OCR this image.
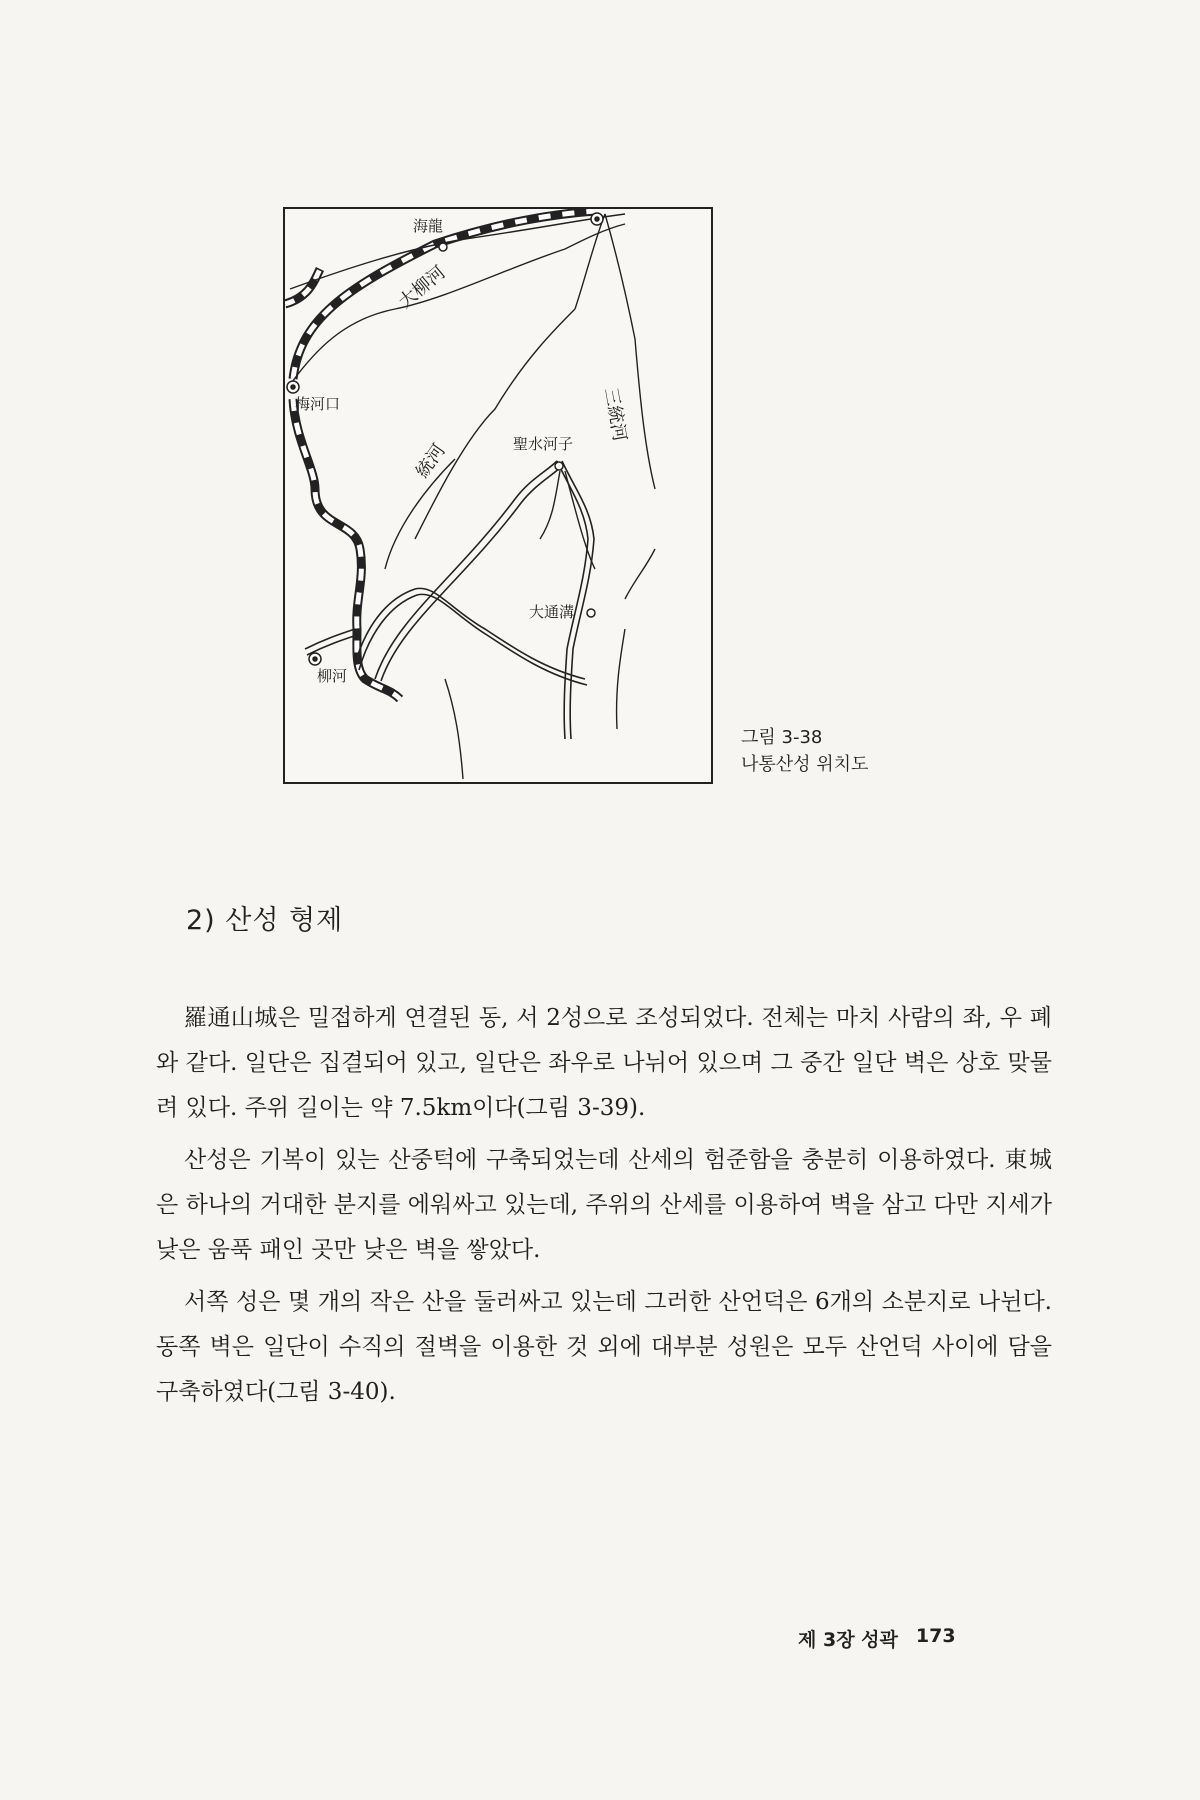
海龍
大柳河
梅河口
統河	聖水河子
三統河
大通溝
柳河
그림 3-38
나통산성 위치도
2) 산성 형제

羅通山城은 밀접하게 연결된 동, 서 2성으로 조성되었다. 전체는 마치 사람의 좌, 우 폐와 같다. 일단은 집결되어 있고, 일단은 좌우로 나뉘어 있으며 그 중간 일단 벽은 상호 맞물려 있다. 주위 길이는 약 7.5km이다(그림 3-39).

산성은 기복이 있는 산중턱에 구축되었는데 산세의 험준함을 충분히 이용하였다. 東城은 하나의 거대한 분지를 에워싸고 있는데, 주위의 산세를 이용하여 벽을 삼고 다만 지세가 낮은 움푹 패인 곳만 낮은 벽을 쌓았다.

서쪽 성은 몇 개의 작은 산을 둘러싸고 있는데 그러한 산언덕은 6개의 소분지로 나뉜다. 동쪽 벽은 일단이 수직의 절벽을 이용한 것 외에 대부분 성원은 모두 산언덕 사이에 담을 구축하였다(그림 3-40).

제 3장 성곽 173
